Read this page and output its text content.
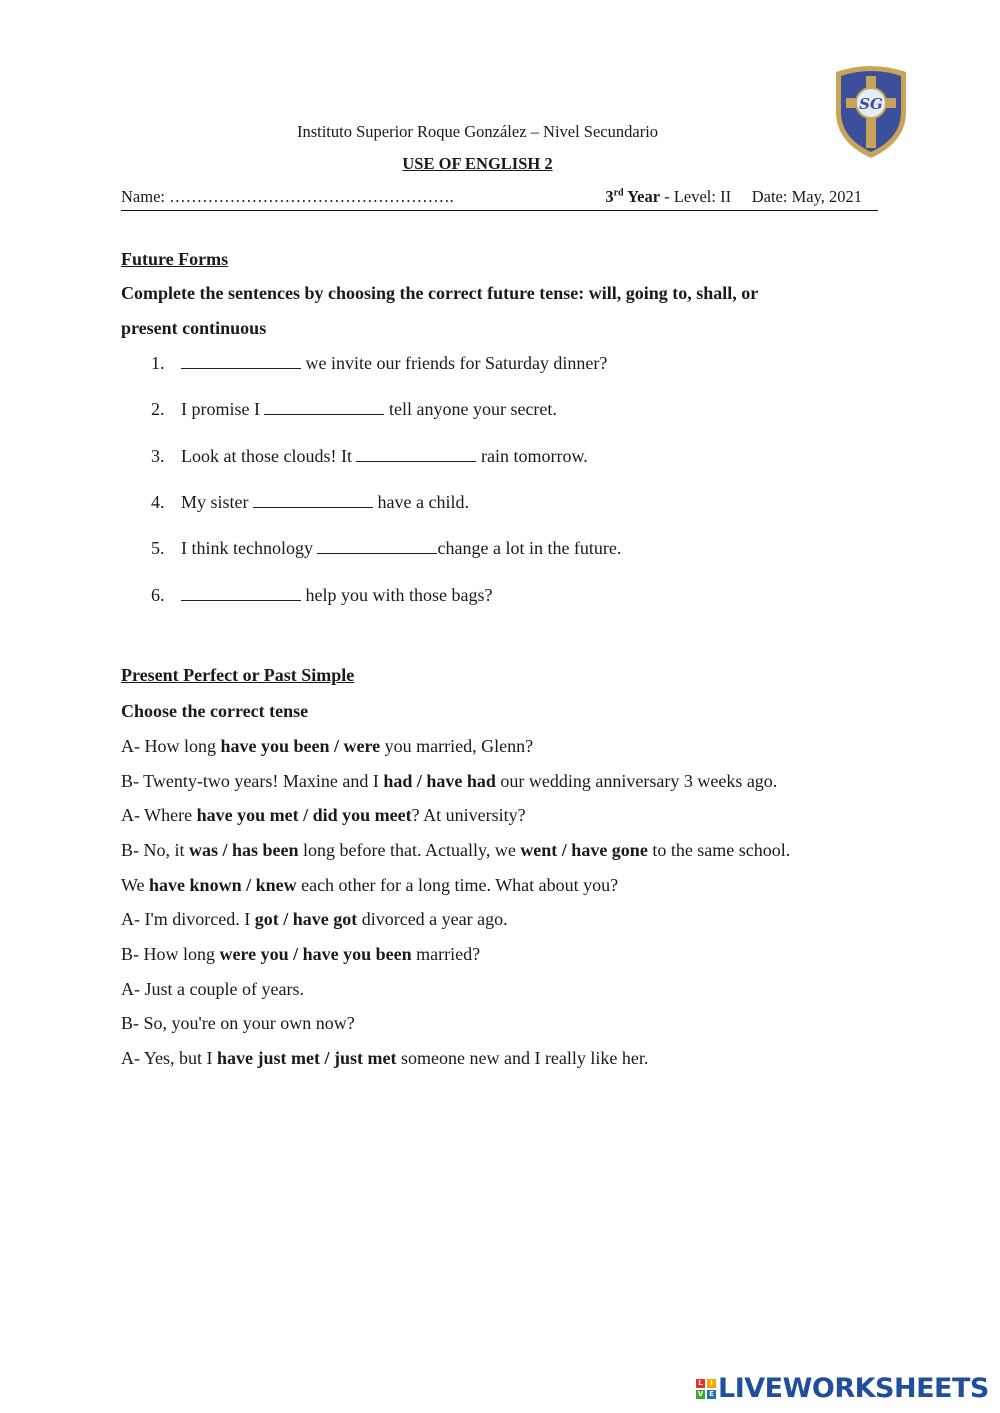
Instituto Superior Roque González – Nivel Secundario
USE OF ENGLISH 2
SG
Name: …………………………………………….	3rd Year - Level: II Date: May, 2021
Future Forms
Complete the sentences by choosing the correct future tense: will, going to, shall, or
present continuous
1.	we invite our friends for Saturday dinner?
2. I promise I	tell anyone your secret.
3. Look at those clouds! It	rain tomorrow.
4. My sister	have a child.
5. I think technology	change a lot in the future.
6.	help you with those bags?
Present Perfect or Past Simple
Choose the correct tense
A- How long have you been / were you married, Glenn?
B- Twenty-two years! Maxine and I had / have had our wedding anniversary 3 weeks ago.
A- Where have you met / did you meet? At university?
B- No, it was / has been long before that. Actually, we went / have gone to the same school.
We have known / knew each other for a long time. What about you?
A- I'm divorced. I got / have got divorced a year ago.
B- How long were you / have you been married?
A- Just a couple of years.
B- So, you're on your own now?
A- Yes, but I have just met / just met someone new and I really like her.
L	I
V E LIVEWORKSHEETS
